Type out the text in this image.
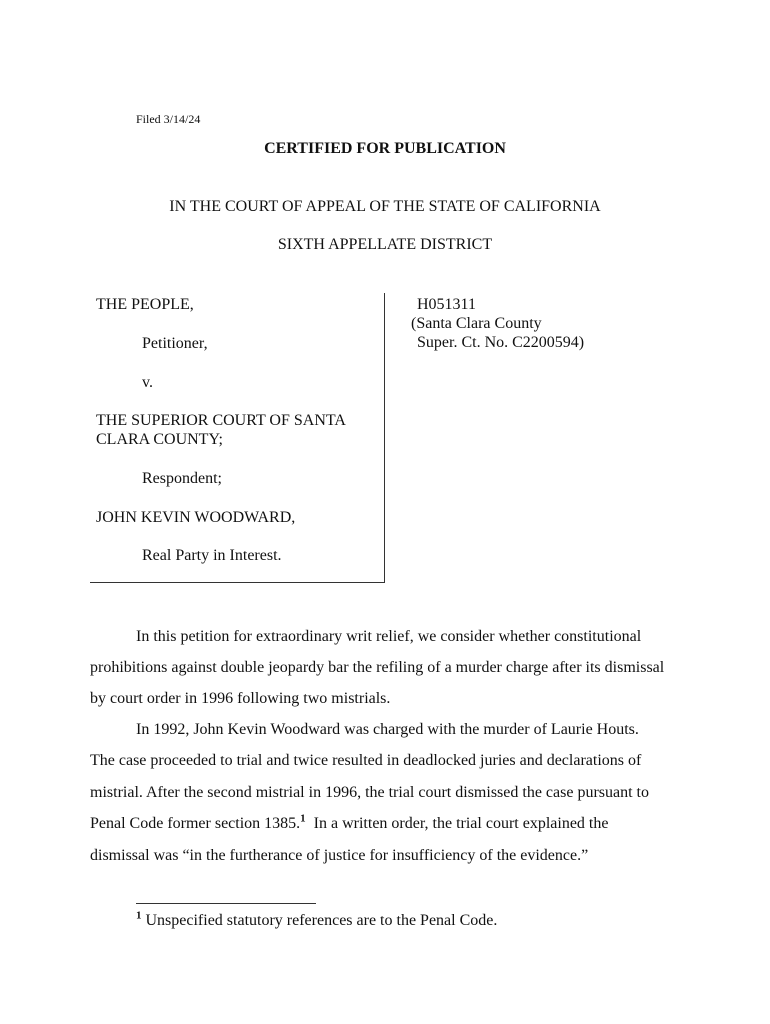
Filed 3/14/24
CERTIFIED FOR PUBLICATION
IN THE COURT OF APPEAL OF THE STATE OF CALIFORNIA
SIXTH APPELLATE DISTRICT
THE PEOPLE,
Petitioner,
v.
THE SUPERIOR COURT OF SANTA
CLARA COUNTY;
Respondent;
JOHN KEVIN WOODWARD,
Real Party in Interest.
H051311
(Santa Clara County
Super. Ct. No. C2200594)
In this petition for extraordinary writ relief, we consider whether constitutional
prohibitions against double jeopardy bar the refiling of a murder charge after its dismissal
by court order in 1996 following two mistrials.
In 1992, John Kevin Woodward was charged with the murder of Laurie Houts.
The case proceeded to trial and twice resulted in deadlocked juries and declarations of
mistrial. After the second mistrial in 1996, the trial court dismissed the case pursuant to
Penal Code former section 1385.$^1$ In a written order, the trial court explained the
dismissal was “in the furtherance of justice for insufficiency of the evidence.”
$^1$ Unspecified statutory references are to the Penal Code.
